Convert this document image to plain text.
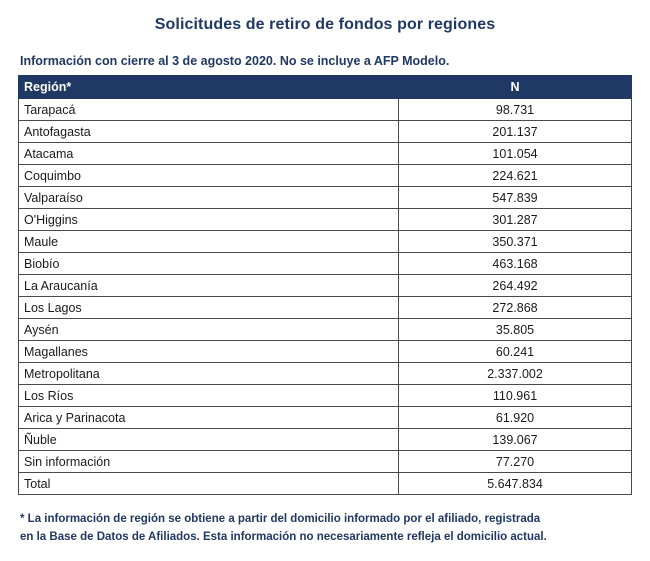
Solicitudes de retiro de fondos por regiones
Información con cierre al 3 de agosto 2020. No se incluye a AFP Modelo.
Región*	N
Tarapacá	98.731
Antofagasta	201.137
Atacama	101.054
Coquimbo	224.621
Valparaíso	547.839
O'Higgins	301.287
Maule	350.371
Biobío	463.168
La Araucanía	264.492
Los Lagos	272.868
Aysén	35.805
Magallanes	60.241
Metropolitana	2.337.002
Los Ríos	110.961
Arica y Parinacota	61.920
Ñuble	139.067
Sin información	77.270
Total	5.647.834
* La información de región se obtiene a partir del domicilio informado por el afiliado, registrada
en la Base de Datos de Afiliados. Esta información no necesariamente refleja el domicilio actual.
